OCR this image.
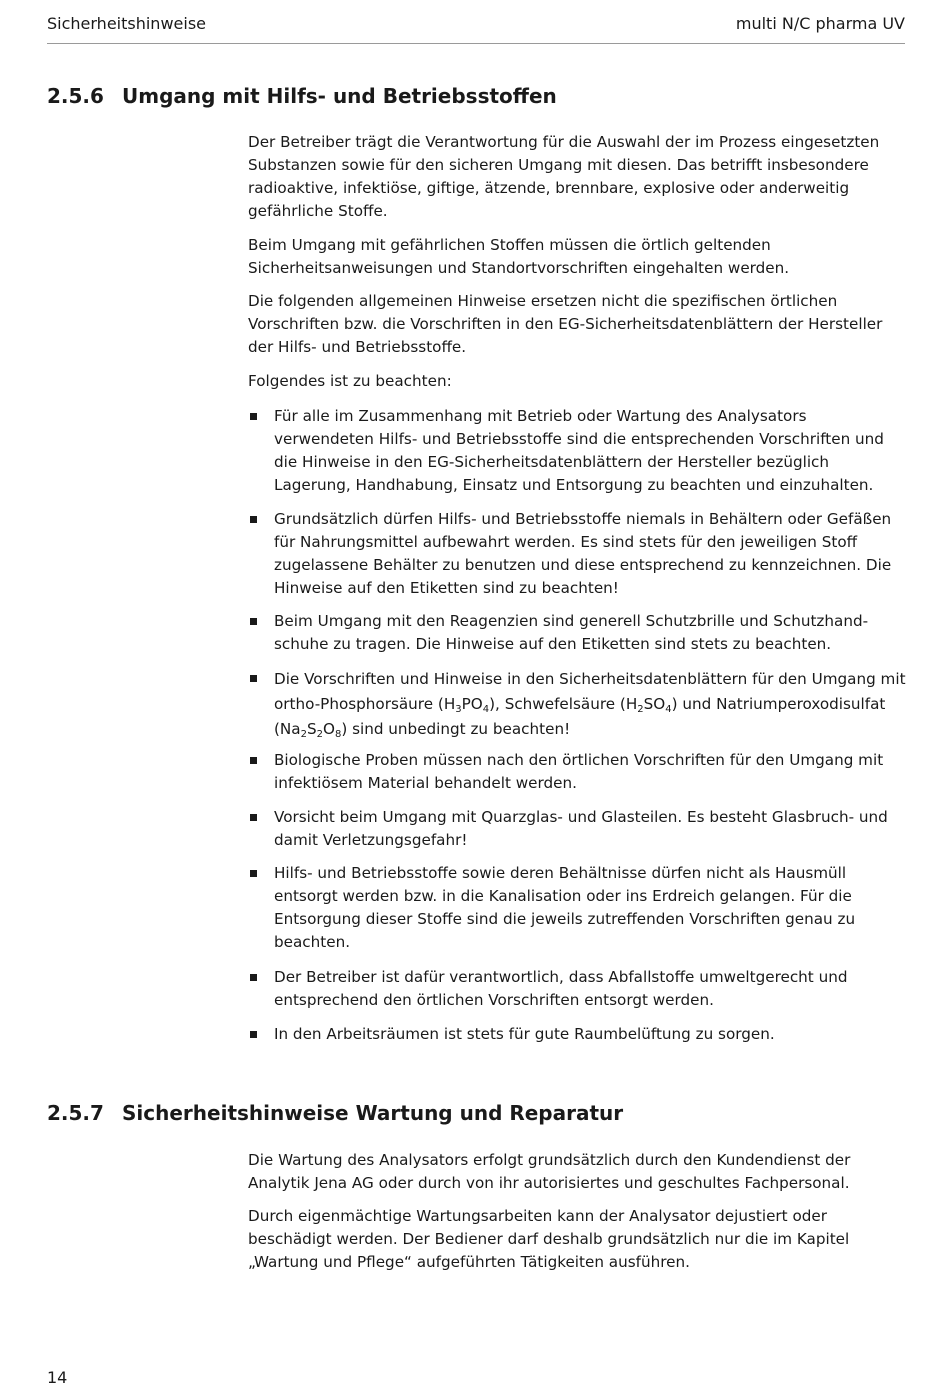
Sicherheitshinweise	multi N/C pharma UV
2.5.6 Umgang mit Hilfs- und Betriebsstoffen

Der Betreiber trägt die Verantwortung für die Auswahl der im Prozess eingesetzten Substanzen sowie für den sicheren Umgang mit diesen. Das betrifft insbesondere radioaktive, infektiöse, giftige, ätzende, brennbare, explosive oder anderweitig gefährliche Stoffe.

Beim Umgang mit gefährlichen Stoffen müssen die örtlich geltenden Sicherheitsanweisungen und Standortvorschriften eingehalten werden.

Die folgenden allgemeinen Hinweise ersetzen nicht die spezifischen örtlichen Vorschriften bzw. die Vorschriften in den EG-Sicherheitsdatenblättern der Hersteller der Hilfs- und Betriebsstoffe.

Folgendes ist zu beachten:

Für alle im Zusammenhang mit Betrieb oder Wartung des Analysators verwendeten Hilfs- und Betriebsstoffe sind die entsprechenden Vorschriften und die Hinweise in den EG-Sicherheitsdatenblättern der Hersteller bezüglich Lagerung, Handhabung, Einsatz und Entsorgung zu beachten und einzuhalten.
Grundsätzlich dürfen Hilfs- und Betriebsstoffe niemals in Behältern oder Gefäßen für Nahrungsmittel aufbewahrt werden. Es sind stets für den jeweiligen Stoff zugelassene Behälter zu benutzen und diese entsprechend zu kennzeichnen. Die Hinweise auf den Etiketten sind zu beachten!
Beim Umgang mit den Reagenzien sind generell Schutzbrille und Schutzhand-schuhe zu tragen. Die Hinweise auf den Etiketten sind stets zu beachten.
Die Vorschriften und Hinweise in den Sicherheitsdatenblättern für den Umgang mit ortho-Phosphorsäure $(H_3PO_4)$, Schwefelsäure $(H_2SO_4)$ und Natriumperoxodisulfat $(Na_2S_2O_8)$ sind unbedingt zu beachten!
Biologische Proben müssen nach den örtlichen Vorschriften für den Umgang mit infektiösem Material behandelt werden.
Vorsicht beim Umgang mit Quarzglas- und Glasteilen. Es besteht Glasbruch- und damit Verletzungsgefahr!
Hilfs- und Betriebsstoffe sowie deren Behältnisse dürfen nicht als Hausmüll entsorgt werden bzw. in die Kanalisation oder ins Erdreich gelangen. Für die Entsorgung dieser Stoffe sind die jeweils zutreffenden Vorschriften genau zu beachten.
Der Betreiber ist dafür verantwortlich, dass Abfallstoffe umweltgerecht und entsprechend den örtlichen Vorschriften entsorgt werden.
In den Arbeitsräumen ist stets für gute Raumbelüftung zu sorgen.
2.5.7 Sicherheitshinweise Wartung und Reparatur

Die Wartung des Analysators erfolgt grundsätzlich durch den Kundendienst der Analytik Jena AG oder durch von ihr autorisiertes und geschultes Fachpersonal.

Durch eigenmächtige Wartungsarbeiten kann der Analysator dejustiert oder beschädigt werden. Der Bediener darf deshalb grundsätzlich nur die im Kapitel „Wartung und Pflege“ aufgeführten Tätigkeiten ausführen.

14
